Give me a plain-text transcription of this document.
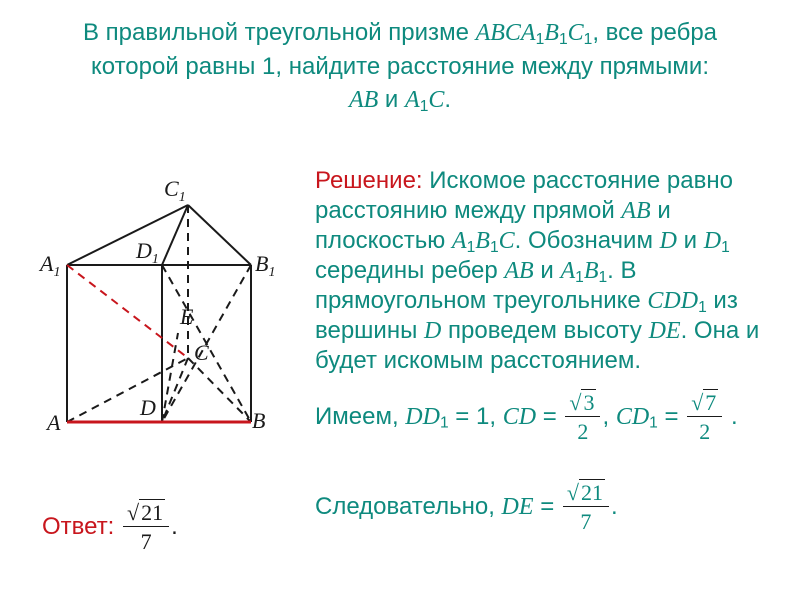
В правильной треугольной призме $ABCA_1B_1C_1$, все ребра которой равны 1, найдите расстояние между прямыми:
AB и $A_1C$.
$C_1$
$D_1$
$A_1$	$B_1$
E
C
D
A	B
Решение: Искомое расстояние равно расстоянию между прямой AB и плоскостью $A_1B_1C$. Обозначим D и $D_1$ середины ребер AB и $A_1B_1$. В прямоугольном треугольнике $CDD_1$ из вершины D проведем высоту DE. Она и будет искомым расстоянием.
Имеем, $DD_1 = 1$, CD = $\frac{√3}{2}$ , $CD_1 = \frac{√7}{2}$ .
Следовательно, DE = $\frac{√21}{7}$ .
Ответ: $\frac{√21}{7}$ .
